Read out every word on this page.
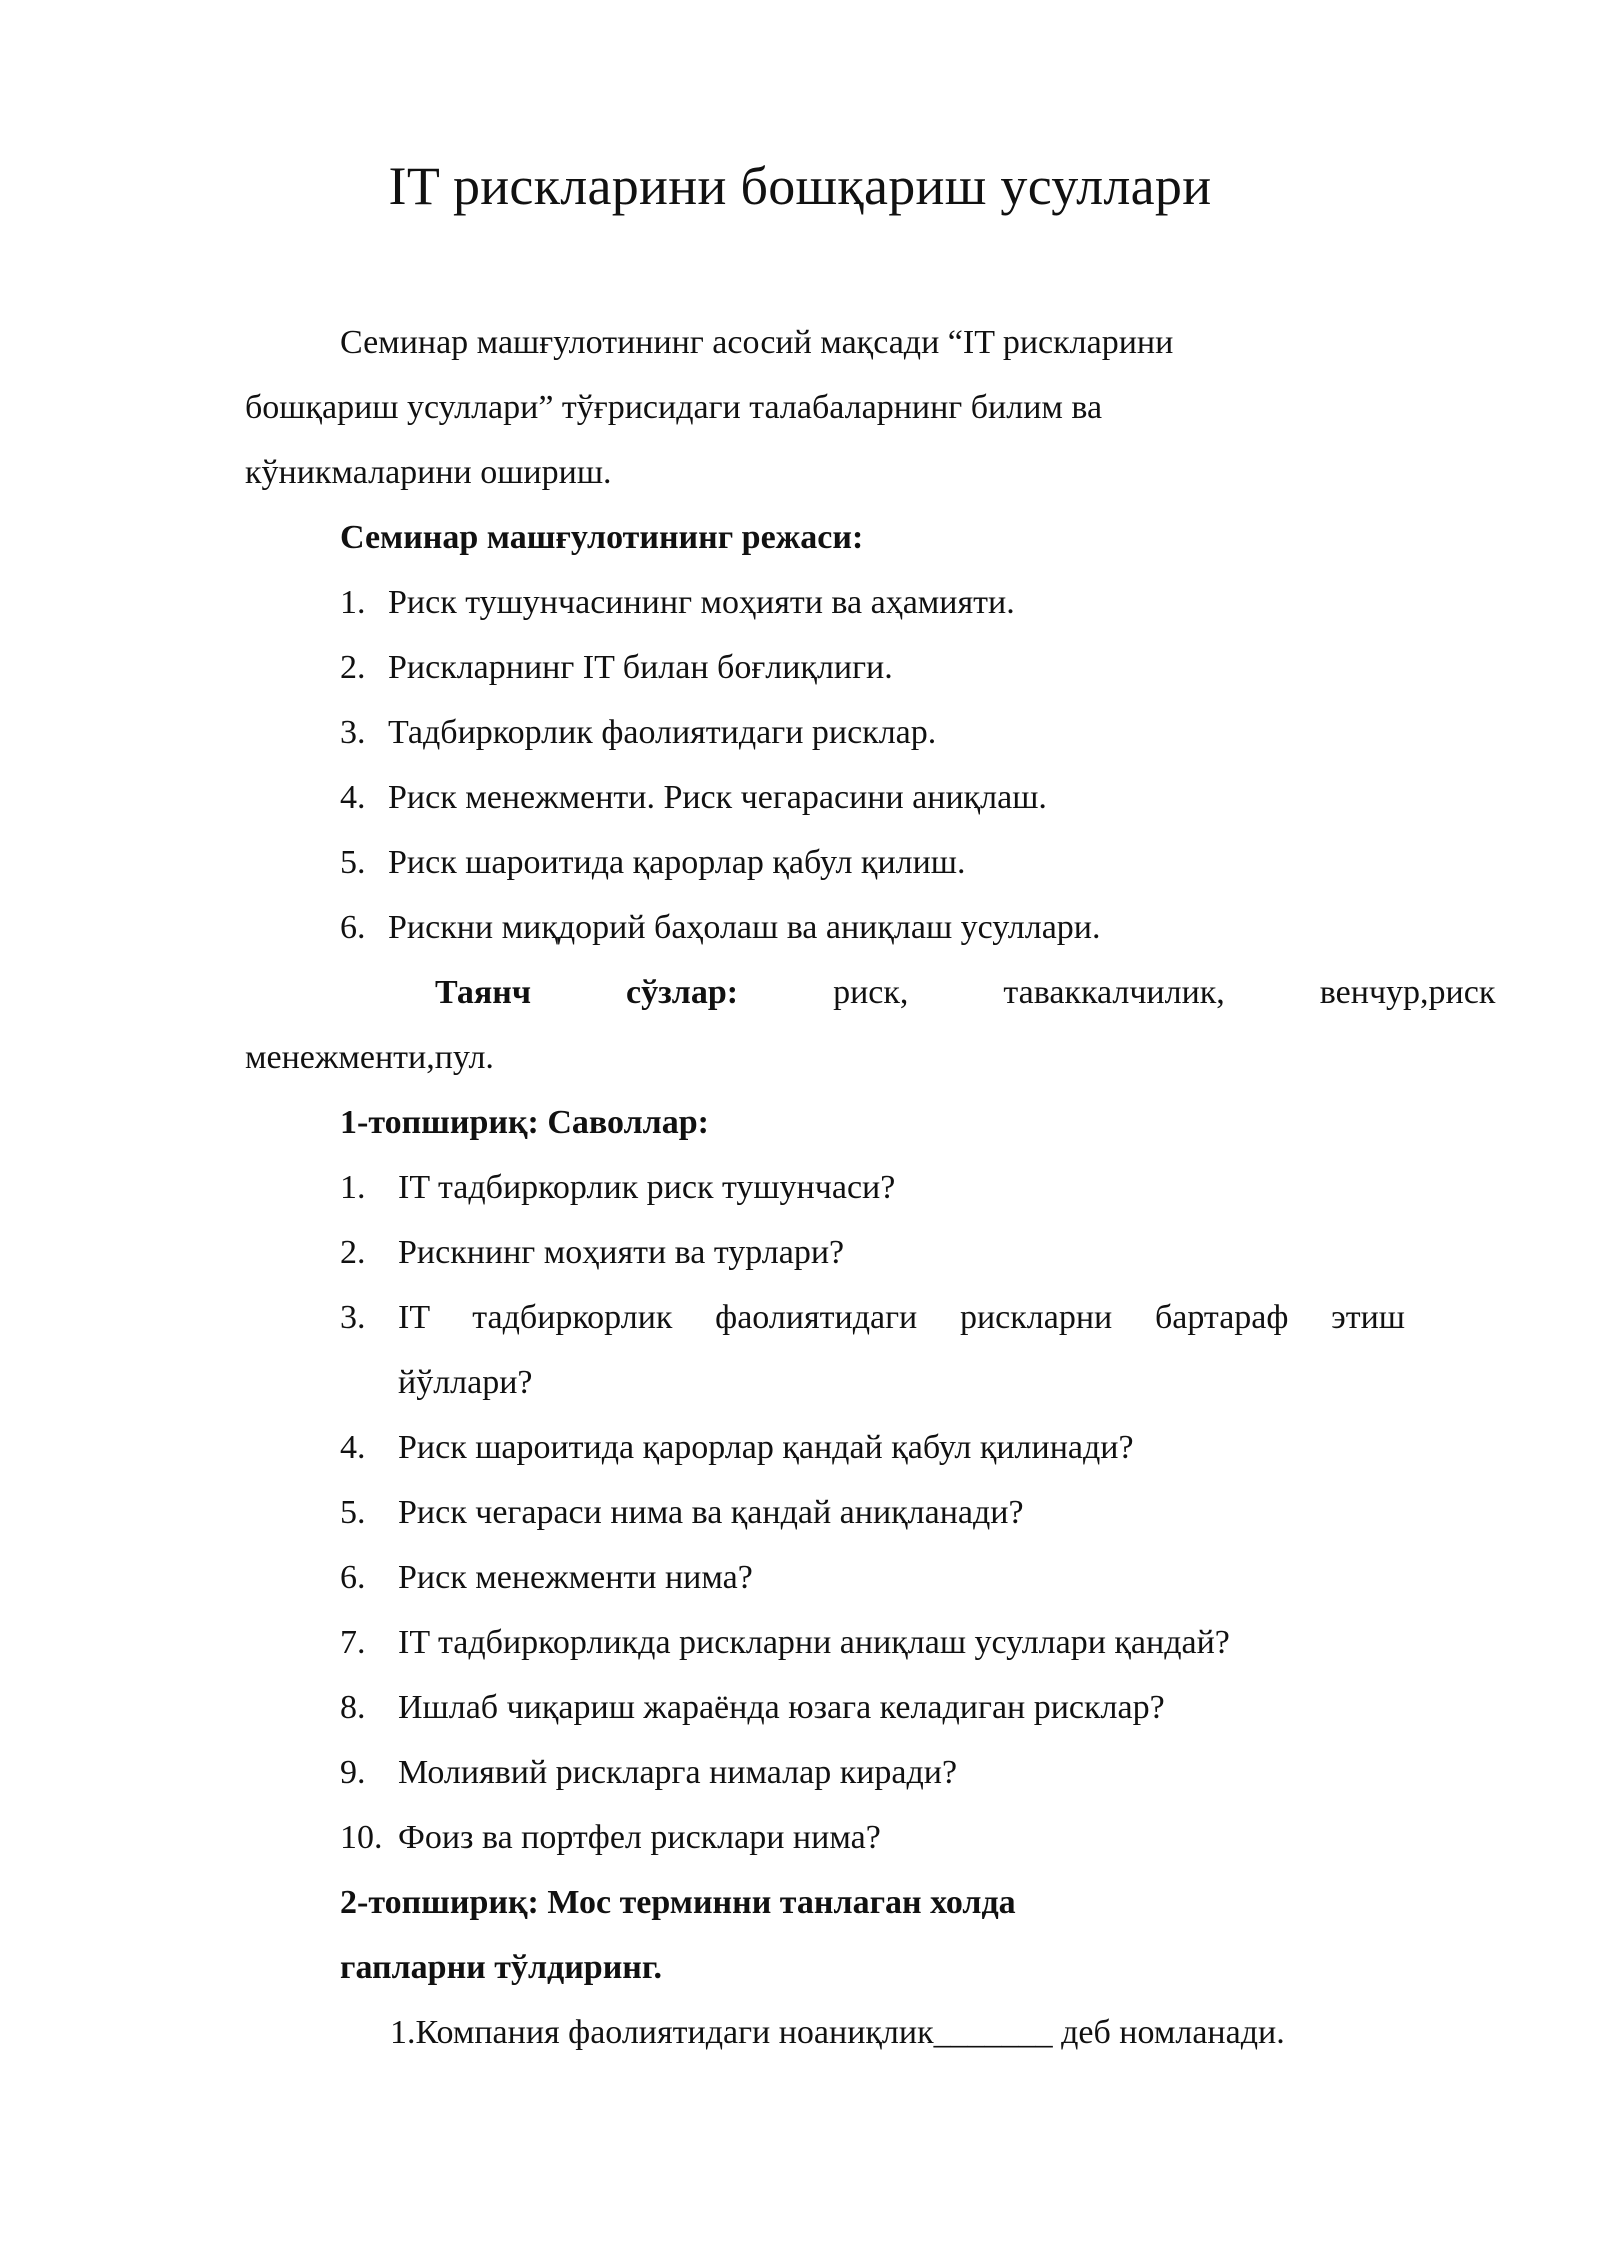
IT рискларини бошқариш усуллари

Семинар машғулотининг асосий мақсади “IT рискларини

бошқариш усуллари” тўғрисидаги талабаларнинг билим ва

кўникмаларини ошириш.

Семинар машғулотининг режаси:

1. Риск тушунчасининг моҳияти ва аҳамияти.
2. Рискларнинг IT билан боғлиқлиги.
3. Тадбиркорлик фаолиятидаги рисклар.
4. Риск менежменти. Риск чегарасини аниқлаш.
5. Риск шароитида қарорлар қабул қилиш.
6. Рискни миқдорий баҳолаш ва аниқлаш усуллари.
Таянч	сўзлар:	риск,	таваккалчилик,	венчур,риск

менежменти,пул.

1-топшириқ: Саволлар:

1. IT тадбиркорлик риск тушунчаси?
2. Рискнинг моҳияти ва турлари?
3. IT тадбиркорлик фаолиятидаги рискларни бартараф этиш
йўллари?
4. Риск шароитида қарорлар қандай қабул қилинади?
5. Риск чегараси нима ва қандай аниқланади?
6. Риск менежменти нима?
7. IT тадбиркорликда рискларни аниқлаш усуллари қандай?
8. Ишлаб чиқариш жараёнда юзага келадиган рисклар?
9. Молиявий рискларга нималар киради?
10. Фоиз ва портфел рисклари нима?

2-топшириқ: Мос терминни танлаган холда

гапларни тўлдиринг.

1.Компания фаолиятидаги ноаниқлик_______ деб номланади.
